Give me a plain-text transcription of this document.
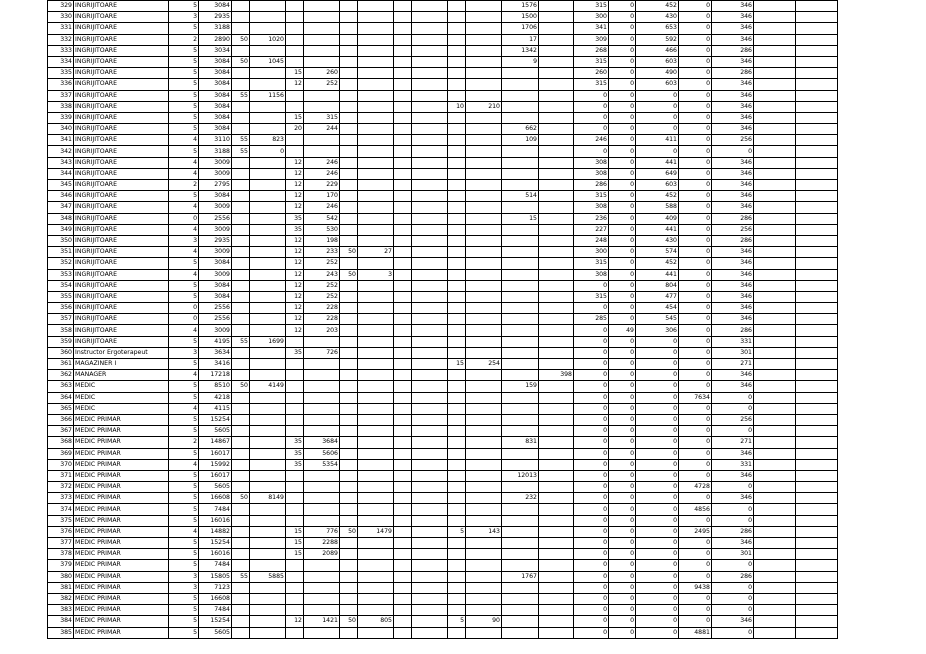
329	INGRIJITOARE	5	3084											1576		315	0	452	0	346		
330	INGRIJITOARE	3	2935											1500		300	0	430	0	346		
331	INGRIJITOARE	5	3188											1706		341	0	653	0	346		
332	INGRIJITOARE	2	2890	50	1020									17		309	0	592	0	346		
333	INGRIJITOARE	5	3034											1342		268	0	466	0	286		
334	INGRIJITOARE	5	3084	50	1045									9		315	0	603	0	346		
335	INGRIJITOARE	5	3084			15	260									260	0	490	0	286		
336	INGRIJITOARE	5	3084			12	252									315	0	603	0	346		
337	INGRIJITOARE	5	3084	55	1156											0	0	0	0	346		
338	INGRIJITOARE	5	3084									10	210			0	0	0	0	346		
339	INGRIJITOARE	5	3084			15	315									0	0	0	0	346		
340	INGRIJITOARE	5	3084			20	244							662		0	0	0	0	346		
341	INGRIJITOARE	4	3110	55	823									109		246	0	411	0	256		
342	INGRIJITOARE	5	3188	55	0											0	0	0	0	0		
343	INGRIJITOARE	4	3009			12	246									308	0	441	0	346		
344	INGRIJITOARE	4	3009			12	246									308	0	649	0	346		
345	INGRIJITOARE	2	2795			12	229									286	0	603	0	346		
346	INGRIJITOARE	5	3084			12	170							514		315	0	452	0	346		
347	INGRIJITOARE	4	3009			12	246									308	0	588	0	346		
348	INGRIJITOARE	0	2556			35	542							15		236	0	409	0	286		
349	INGRIJITOARE	4	3009			35	530									227	0	441	0	256		
350	INGRIJITOARE	3	2935			12	198									248	0	430	0	286		
351	INGRIJITOARE	4	3009			12	233	50	27							300	0	574	0	346		
352	INGRIJITOARE	5	3084			12	252									315	0	452	0	346		
353	INGRIJITOARE	4	3009			12	243	50	3							308	0	441	0	346		
354	INGRIJITOARE	5	3084			12	252									0	0	804	0	346		
355	INGRIJITOARE	5	3084			12	252									315	0	477	0	346		
356	INGRIJITOARE	0	2556			12	228									0	0	454	0	346		
357	INGRIJITOARE	0	2556			12	228									285	0	545	0	346		
358	INGRIJITOARE	4	3009			12	203									0	49	306	0	286		
359	INGRIJITOARE	5	4195	55	1699											0	0	0	0	331		
360	Instructor Ergoterapeut	3	3634			35	726									0	0	0	0	301		
361	MAGAZINER I	5	3416									15	254			0	0	0	0	271		
362	MANAGER	4	17218												398	0	0	0	0	346		
363	MEDIC	5	8510	50	4149									159		0	0	0	0	346		
364	MEDIC	5	4218													0	0	0	7634	0		
365	MEDIC	4	4115													0	0	0	0	0		
366	MEDIC PRIMAR	5	15254													0	0	0	0	256		
367	MEDIC PRIMAR	5	5605													0	0	0	0	0		
368	MEDIC PRIMAR	2	14867			35	3684							831		0	0	0	0	271		
369	MEDIC PRIMAR	5	16017			35	5606									0	0	0	0	346		
370	MEDIC PRIMAR	4	15992			35	5354									0	0	0	0	331		
371	MEDIC PRIMAR	5	16017											12013		0	0	0	0	346		
372	MEDIC PRIMAR	5	5605													0	0	0	4728	0		
373	MEDIC PRIMAR	5	16608	50	8149									232		0	0	0	0	346		
374	MEDIC PRIMAR	5	7484													0	0	0	4856	0		
375	MEDIC PRIMAR	5	16016													0	0	0	0	0		
376	MEDIC PRIMAR	4	14882			15	776	50	1479			5	143			0	0	0	2495	286		
377	MEDIC PRIMAR	5	15254			15	2288									0	0	0	0	346		
378	MEDIC PRIMAR	5	16016			15	2089									0	0	0	0	301		
379	MEDIC PRIMAR	5	7484													0	0	0	0	0		
380	MEDIC PRIMAR	3	15805	55	5885									1767		0	0	0	0	286		
381	MEDIC PRIMAR	3	7123													0	0	0	9438	0		
382	MEDIC PRIMAR	5	16608													0	0	0	0	0		
383	MEDIC PRIMAR	5	7484													0	0	0	0	0		
384	MEDIC PRIMAR	5	15254			12	1421	50	805			5	90			0	0	0	0	346		
385	MEDIC PRIMAR	5	5605													0	0	0	4881	0		
